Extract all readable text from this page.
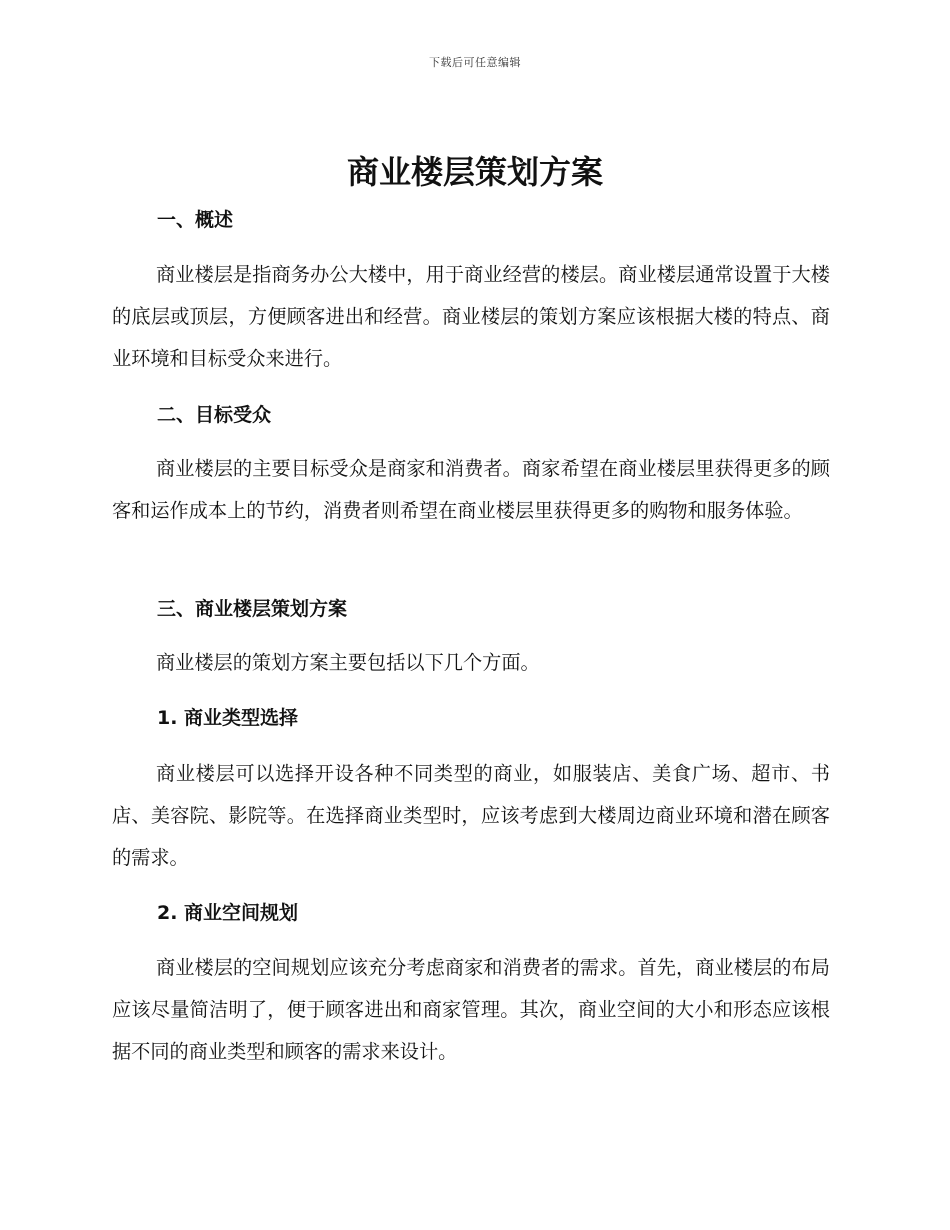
下载后可任意编辑
商业楼层策划方案
一、概述

商业楼层是指商务办公大楼中，用于商业经营的楼层。商业楼层通常设置于大楼的底层或顶层，方便顾客进出和经营。商业楼层的策划方案应该根据大楼的特点、商业环境和目标受众来进行。

二、目标受众

商业楼层的主要目标受众是商家和消费者。商家希望在商业楼层里获得更多的顾客和运作成本上的节约，消费者则希望在商业楼层里获得更多的购物和服务体验。

三、商业楼层策划方案

商业楼层的策划方案主要包括以下几个方面。

1. 商业类型选择

商业楼层可以选择开设各种不同类型的商业，如服装店、美食广场、超市、书店、美容院、影院等。在选择商业类型时，应该考虑到大楼周边商业环境和潜在顾客的需求。

2. 商业空间规划

商业楼层的空间规划应该充分考虑商家和消费者的需求。首先，商业楼层的布局应该尽量简洁明了，便于顾客进出和商家管理。其次，商业空间的大小和形态应该根据不同的商业类型和顾客的需求来设计。
